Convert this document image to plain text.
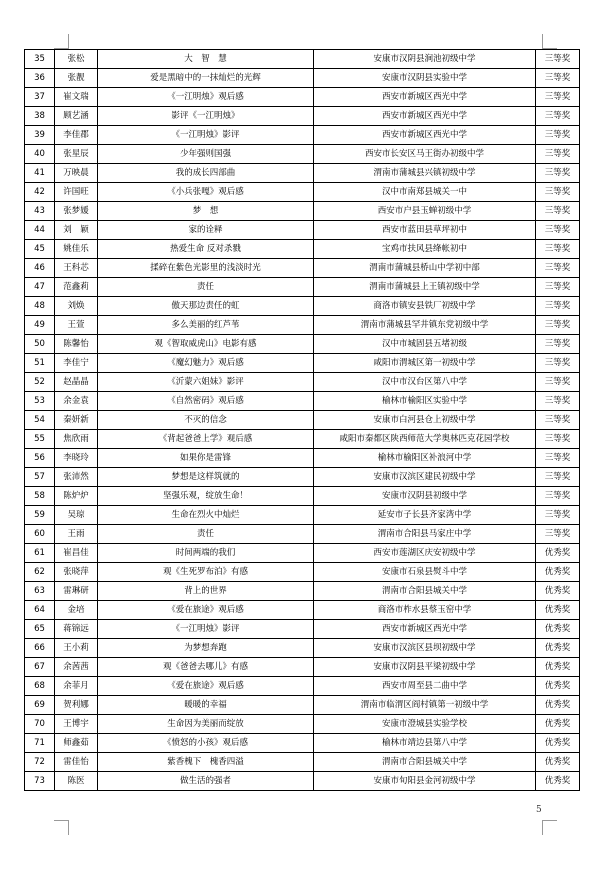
35	张松	大　智　慧	安康市汉阴县涧池初级中学	三等奖
36	张靓	爱是黑暗中的一抹灿烂的光辉	安康市汉阴县实验中学	三等奖
37	崔文瑞	《一江明烛》观后感	西安市新城区西光中学	三等奖
38	顾艺涵	影评《一江明烛》	西安市新城区西光中学	三等奖
39	李佳郡	《一江明烛》影评	西安市新城区西光中学	三等奖
40	张星辰	少年强则国强	西安市长安区马王街办初级中学	三等奖
41	万映晨	我的成长四部曲	渭南市蒲城县兴镇初级中学	三等奖
42	许国旺	《小兵张嘎》观后感	汉中市南郑县城关一中	三等奖
43	张梦媛	梦　想	西安市户县玉蝉初级中学	三等奖
44	刘　颖	家的诠释	西安市蓝田县草坪初中	三等奖
45	姚佳乐	热爱生命 反对杀戮	宝鸡市扶风县绛帐初中	三等奖
46	王科芯	揉碎在紫色光影里的浅淡时光	渭南市蒲城县桥山中学初中部	三等奖
47	范鑫莉	责任	渭南市蒲城县上王镇初级中学	三等奖
48	刘焕	傲天那边责任的虹	商洛市镇安县铁厂初级中学	三等奖
49	王萱	多么美丽的红芦苇	渭南市蒲城县罕井镇东党初级中学	三等奖
50	陈馨怡	观《智取威虎山》电影有感	汉中市城固县五堵初级	三等奖
51	李佳宁	《魔幻魅力》观后感	咸阳市渭城区第一初级中学	三等奖
52	赵晶晶	《沂蒙六姐妹》影评	汉中市汉台区第八中学	三等奖
53	余金袁	《自然密码》观后感	榆林市榆阳区实验中学	三等奖
54	秦妍新	不灭的信念	安康市白河县仓上初级中学	三等奖
55	焦欣雨	《背起爸爸上学》观后感	咸阳市秦都区陕西师范大学奥林匹克花园学校	三等奖
56	李晓玲	如果你是雷锋	榆林市榆阳区补浪河中学	三等奖
57	张沛然	梦想是这样筑就的	安康市汉滨区建民初级中学	三等奖
58	陈炉炉	坚强乐观，绽放生命！	安康市汉阴县初级中学	三等奖
59	吴琼	生命在烈火中灿烂	延安市子长县齐家湾中学	三等奖
60	王雨	责任	渭南市合阳县马家庄中学	三等奖
61	崔昌佳	时间两端的我们	西安市莲湖区庆安初级中学	优秀奖
62	张晓萍	观《生死罗布泊》有感	安康市石泉县熨斗中学	优秀奖
63	雷琳研	背上的世界	渭南市合阳县城关中学	优秀奖
64	金培	《爱在旅途》观后感	商洛市柞水县蔡玉窑中学	优秀奖
65	蒋锦远	《一江明烛》影评	西安市新城区西光中学	优秀奖
66	王小莉	为梦想奔跑	安康市汉滨区县坝初级中学	优秀奖
67	余茜茜	观《爸爸去哪儿》有感	安康市汉阴县平梁初级中学	优秀奖
68	余菲月	《爱在旅途》观后感	西安市周至县二曲中学	优秀奖
69	贺利娜	暖暖的幸福	渭南市临渭区阎村镇第一初级中学	优秀奖
70	王博宇	生命因为美丽而绽放	安康市澄城县实验学校	优秀奖
71	师鑫茹	《愤怒的小孩》观后感	榆林市靖边县第八中学	优秀奖
72	雷佳怡	紫香槐下　槐香四溢	渭南市合阳县城关中学	优秀奖
73	陈医	做生活的强者	安康市旬阳县金河初级中学	优秀奖
5
